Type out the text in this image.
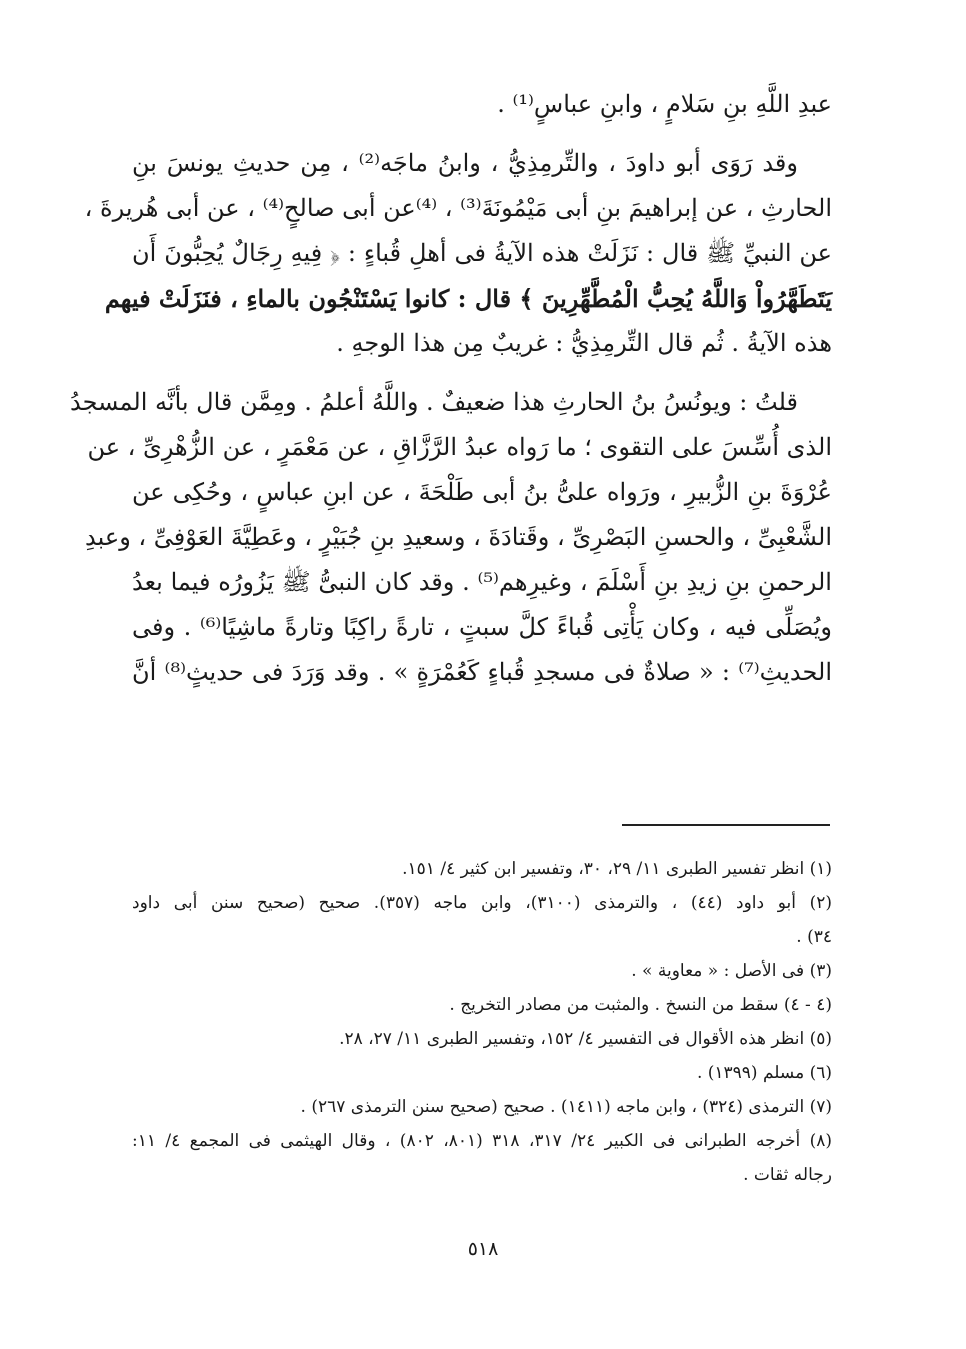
عبدِ اللَّهِ بنِ سَلامٍ ، وابنِ عباسٍ⁽¹⁾ .
وقد رَوَى أبو داودَ ، والتِّرمِذِيُّ ، وابنُ ماجَه⁽²⁾ ، مِن حديثِ يونسَ بنِ
الحارثِ ، عن إبراهيمَ بنِ أبى مَيْمُونَةَ⁽³⁾ ، ⁽⁴⁾عن أبى صالحٍ⁽⁴⁾ ، عن أبى هُريرةَ ،
عن النبيِّ ﷺ قال : نَزَلَتْ هذه الآيةُ فى أهلِ قُباءٍ : ﴿ فِيهِ رِجَالٌ يُحِبُّونَ أَن
يَتَطَهَّرُواْ وَاللَّهُ يُحِبُّ الْمُطَّهِّرِينَ ﴾ قال : كانوا يَسْتَنْجُون بالماءِ ، فنَزَلَتْ فيهم
هذه الآيةُ . ثُم قال التِّرمِذِيُّ : غريبٌ مِن هذا الوجهِ .
قلتُ : ويونُسُ بنُ الحارثِ هذا ضعيفٌ . واللَّهُ أعلمُ . ومِمَّن قال بأنَّه المسجدُ
الذى أُسِّسَ على التقوى ؛ ما رَواه عبدُ الرَّزَّاقِ ، عن مَعْمَرٍ ، عن الزُّهْرِىِّ ، عن
عُرْوَةَ بنِ الزُّبيرِ ، ورَواه علىُّ بنُ أبى طَلْحَةَ ، عن ابنِ عباسٍ ، وحُكِى عن
الشَّعْبِىِّ ، والحسنِ البَصْرِىِّ ، وقَتادَةَ ، وسعيدِ بنِ جُبَيْرٍ ، وعَطِيَّةَ العَوْفِىِّ ، وعبدِ
الرحمنِ بنِ زيدِ بنِ أَسْلَمَ ، وغيرِهم⁽⁵⁾ . وقد كان النبىُّ ﷺ يَزُورُه فيما بعدُ
ويُصَلِّى فيه ، وكان يَأْتِى قُباءً كلَّ سبتٍ ، تارةً راكِبًا وتارةً ماشِيًا⁽⁶⁾ . وفى
الحديثِ⁽⁷⁾ : « صلاةٌ فى مسجدِ قُباءٍ كَعُمْرَةٍ » . وقد وَرَدَ فى حديثٍ⁽⁸⁾ أنَّ
(١) انظر تفسير الطبرى ١١/ ٢٩، ٣٠، وتفسير ابن كثير ٤/ ١٥١.
(٢) أبو داود (٤٤) ، والترمذى (٣١٠٠)، وابن ماجه (٣٥٧). صحيح (صحيح سنن أبى داود
٣٤) .
(٣) فى الأصل : « معاوية » .
(٤ - ٤) سقط من النسخ . والمثبت من مصادر التخريج .
(٥) انظر هذه الأقوال فى التفسير ٤/ ١٥٢، وتفسير الطبرى ١١/ ٢٧، ٢٨.
(٦) مسلم (١٣٩٩) .
(٧) الترمذى (٣٢٤) ، وابن ماجه (١٤١١) . صحيح (صحيح سنن الترمذى ٢٦٧) .
(٨) أخرجه الطبرانى فى الكبير ٢٤/ ٣١٧، ٣١٨ (٨٠١، ٨٠٢) ، وقال الهيثمى فى المجمع ٤/ ١١:
رجاله ثقات .
٥١٨
